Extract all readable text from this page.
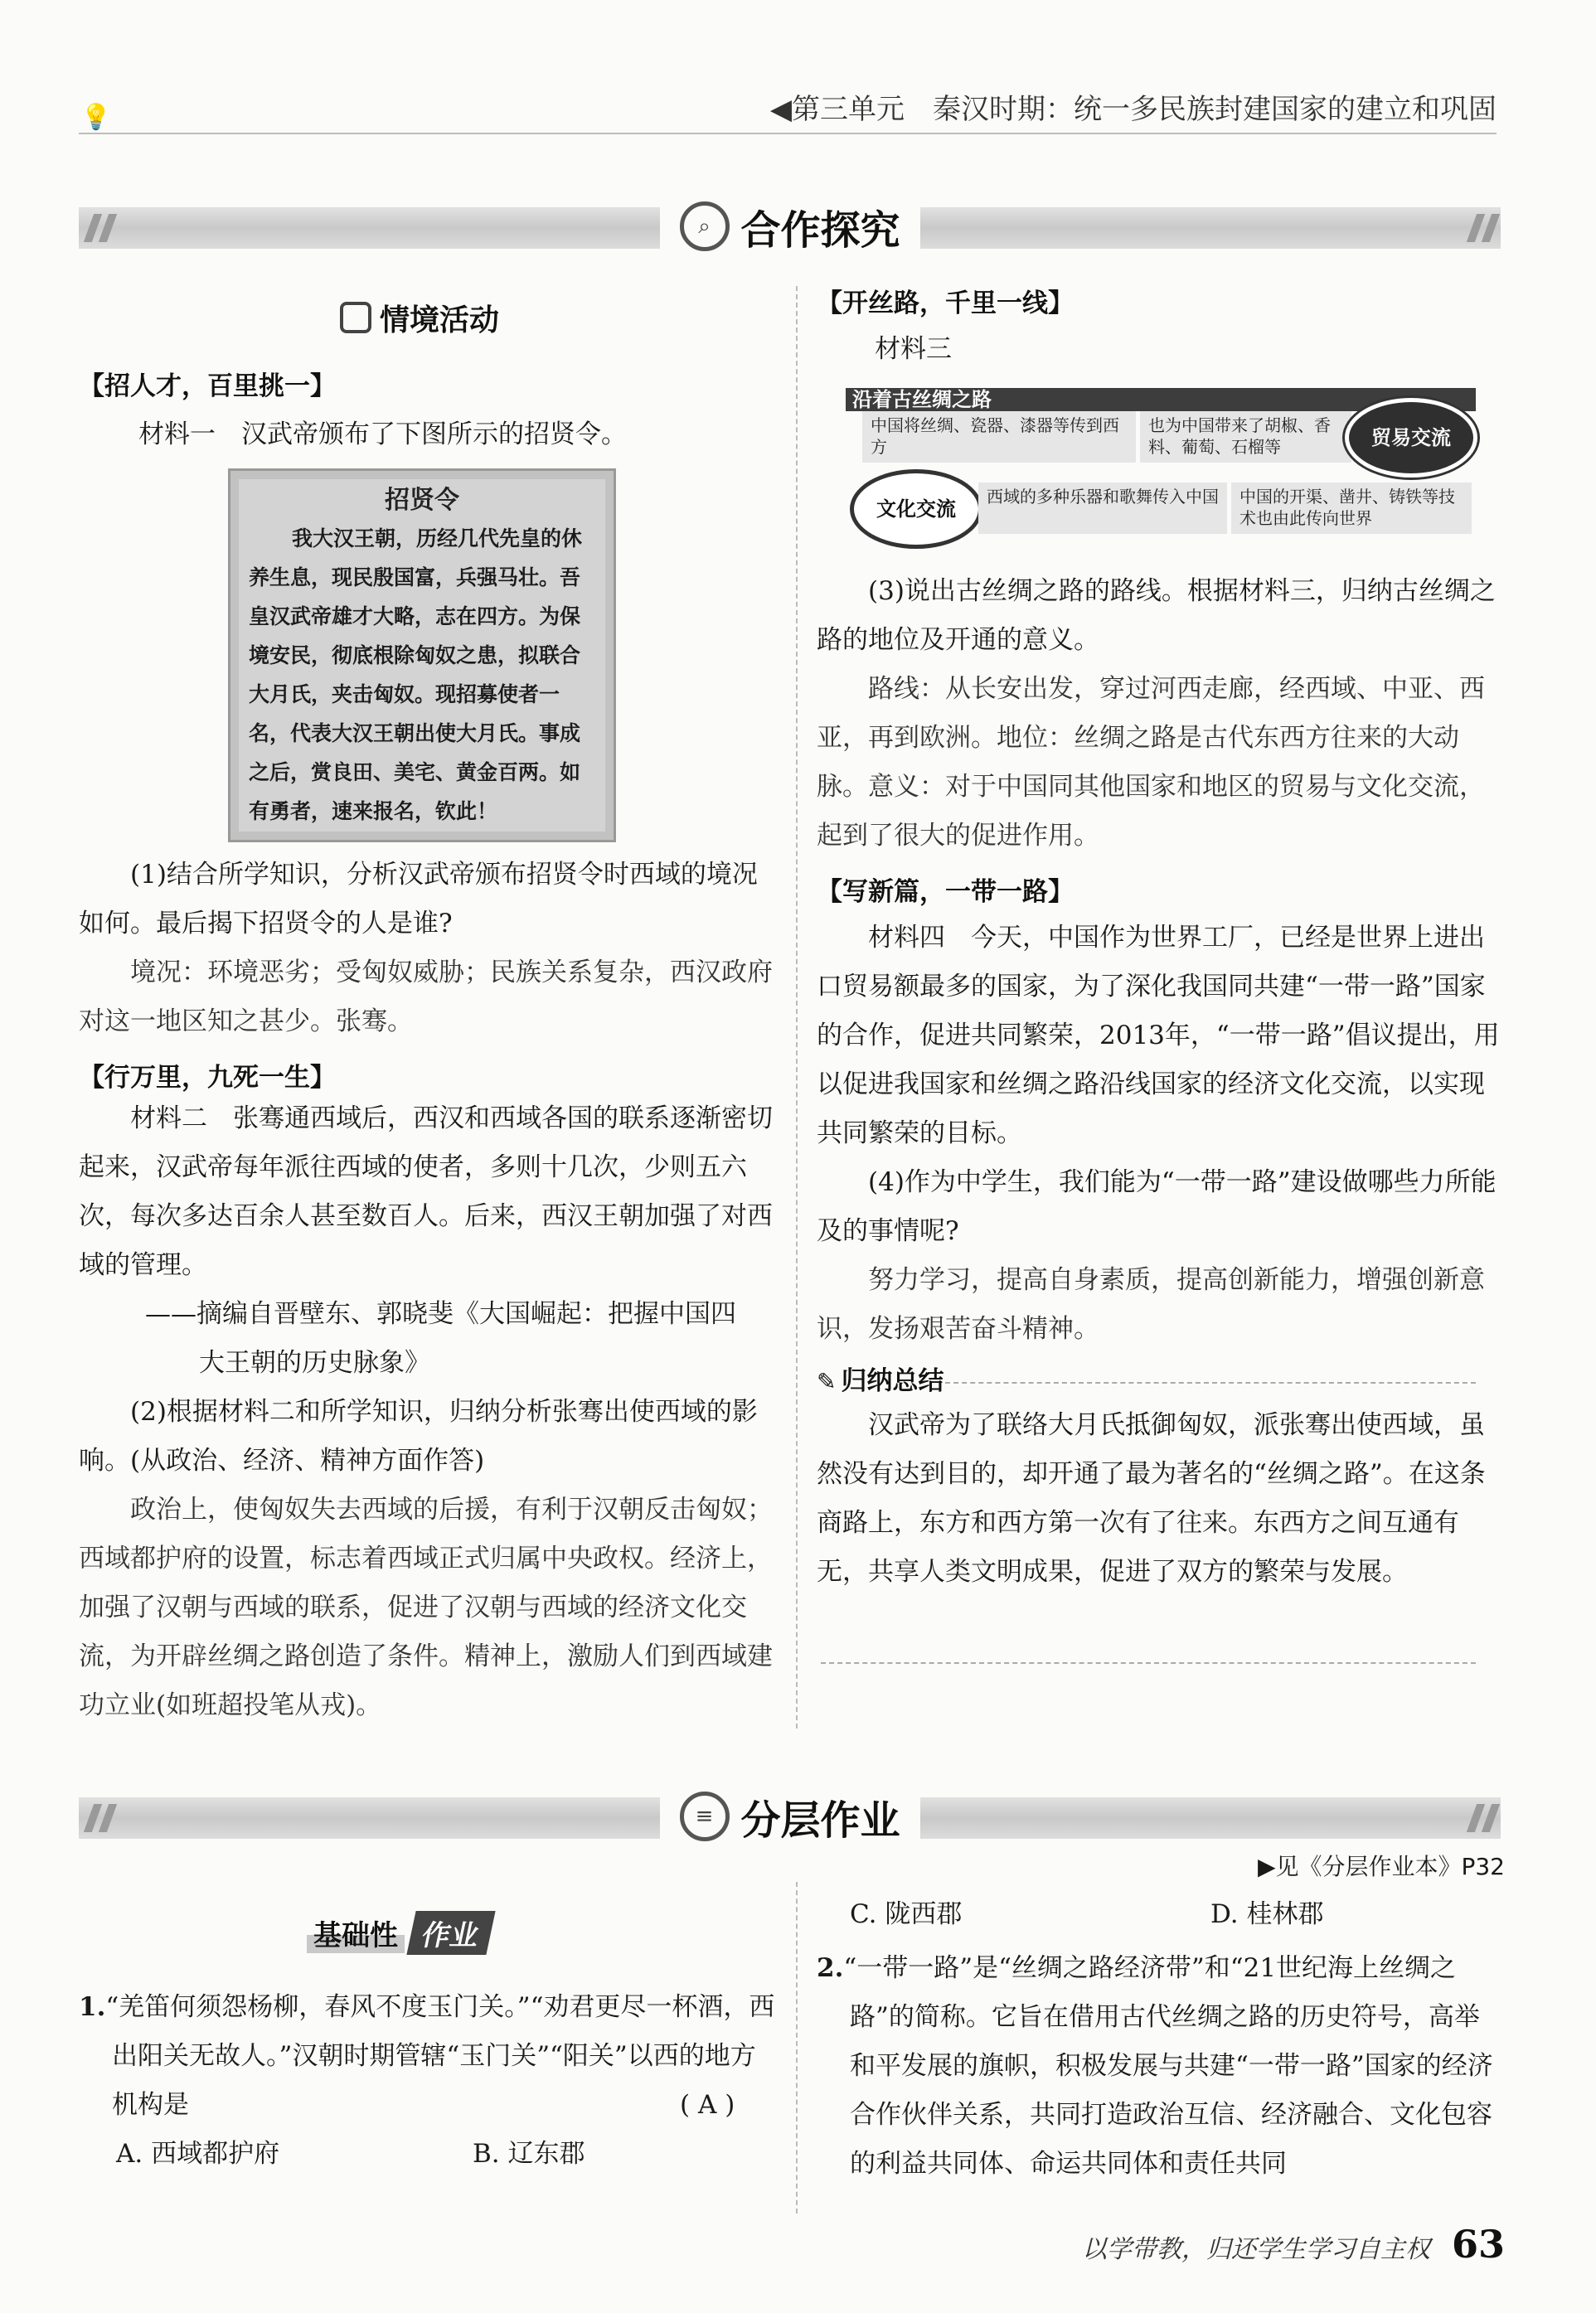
💡	◀第三单元　秦汉时期：统一多民族封建国家的建立和巩固
⌕ 合作探究
情境活动
【招人才，百里挑一】
材料一　汉武帝颁布了下图所示的招贤令。
招贤令
我大汉王朝，历经几代先皇的休养生息，现民殷国富，兵强马壮。吾皇汉武帝雄才大略，志在四方。为保境安民，彻底根除匈奴之患，拟联合大月氏，夹击匈奴。现招募使者一名，代表大汉王朝出使大月氏。事成之后，赏良田、美宅、黄金百两。如有勇者，速来报名，钦此！
(1)结合所学知识，分析汉武帝颁布招贤令时西域的境况如何。最后揭下招贤令的人是谁?
境况：环境恶劣；受匈奴威胁；民族关系复杂，西汉政府对这一地区知之甚少。张骞。
【行万里，九死一生】
材料二　张骞通西域后，西汉和西域各国的联系逐渐密切起来，汉武帝每年派往西域的使者，多则十几次，少则五六次，每次多达百余人甚至数百人。后来，西汉王朝加强了对西域的管理。
——摘编自晋壁东、郭晓斐《大国崛起：把握中国四
大王朝的历史脉象》
(2)根据材料二和所学知识，归纳分析张骞出使西域的影响。(从政治、经济、精神方面作答)
政治上，使匈奴失去西域的后援，有利于汉朝反击匈奴；西域都护府的设置，标志着西域正式归属中央政权。经济上，加强了汉朝与西域的联系，促进了汉朝与西域的经济文化交流，为开辟丝绸之路创造了条件。精神上，激励人们到西域建功立业(如班超投笔从戎)。
【开丝路，千里一线】
材料三
沿着古丝绸之路
中国将丝绸、瓷器、漆器等传到西方
也为中国带来了胡椒、香料、葡萄、石榴等	贸易交流
文化交流
西域的多种乐器和歌舞传入中国	中国的开渠、凿井、铸铁等技术也由此传向世界
(3)说出古丝绸之路的路线。根据材料三，归纳古丝绸之路的地位及开通的意义。
路线：从长安出发，穿过河西走廊，经西域、中亚、西亚，再到欧洲。地位：丝绸之路是古代东西方往来的大动脉。意义：对于中国同其他国家和地区的贸易与文化交流，起到了很大的促进作用。
【写新篇，一带一路】
材料四　今天，中国作为世界工厂，已经是世界上进出口贸易额最多的国家，为了深化我国同共建“一带一路”国家的合作，促进共同繁荣，2013年，“一带一路”倡议提出，用以促进我国家和丝绸之路沿线国家的经济文化交流，以实现共同繁荣的目标。
(4)作为中学生，我们能为“一带一路”建设做哪些力所能及的事情呢?
努力学习，提高自身素质，提高创新能力，增强创新意识，发扬艰苦奋斗精神。
✎ 归纳总结
汉武帝为了联络大月氏抵御匈奴，派张骞出使西域，虽然没有达到目的，却开通了最为著名的“丝绸之路”。在这条商路上，东方和西方第一次有了往来。东西方之间互通有无，共享人类文明成果，促进了双方的繁荣与发展。
≡ 分层作业
▶见《分层作业本》P32
基础性 作业
1.“羌笛何须怨杨柳，春风不度玉门关。”“劝君更尽一杯酒，西出阳关无故人。”汉朝时期管辖“玉门关”“阳关”以西的地方机构是	( A )
A. 西域都护府	B. 辽东郡
C. 陇西郡	D. 桂林郡
2.“一带一路”是“丝绸之路经济带”和“21世纪海上丝绸之路”的简称。它旨在借用古代丝绸之路的历史符号，高举和平发展的旗帜，积极发展与共建“一带一路”国家的经济合作伙伴关系，共同打造政治互信、经济融合、文化包容的利益共同体、命运共同体和责任共同
以学带教，归还学生学习自主权 63
